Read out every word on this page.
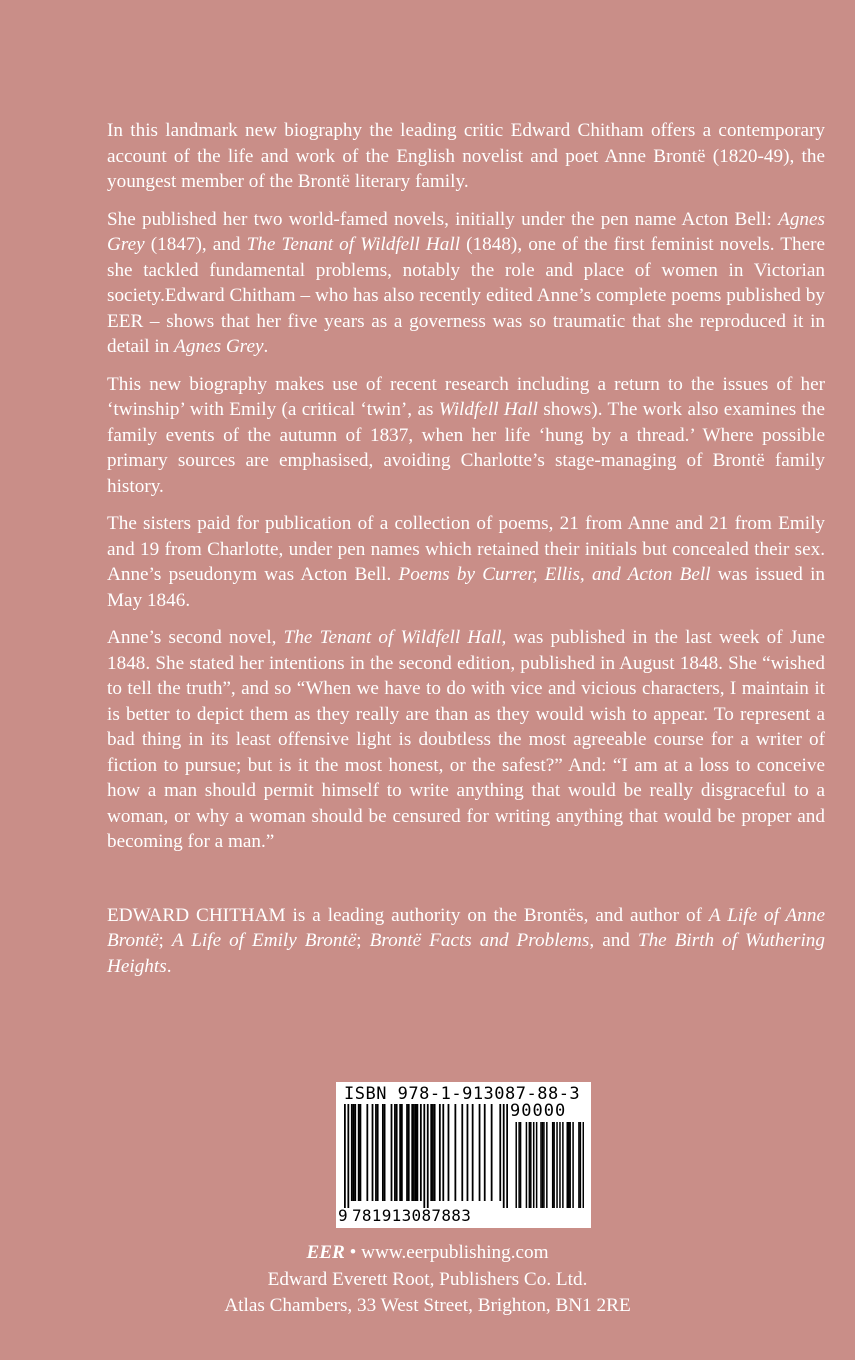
In this landmark new biography the leading critic Edward Chitham offers a contemporary account of the life and work of the English novelist and poet Anne Brontë (1820-49), the youngest member of the Brontë literary family.

She published her two world-famed novels, initially under the pen name Acton Bell: Agnes Grey (1847), and The Tenant of Wildfell Hall (1848), one of the first feminist novels. There she tackled fundamental problems, notably the role and place of women in Victorian society.Edward Chitham – who has also recently edited Anne’s complete poems published by EER – shows that her five years as a governess was so traumatic that she reproduced it in detail in Agnes Grey.

This new biography makes use of recent research including a return to the issues of her ‘twinship’ with Emily (a critical ‘twin’, as Wildfell Hall shows). The work also examines the family events of the autumn of 1837, when her life ‘hung by a thread.’ Where possible primary sources are emphasised, avoiding Charlotte’s stage-managing of Brontë family history.

The sisters paid for publication of a collection of poems, 21 from Anne and 21 from Emily and 19 from Charlotte, under pen names which retained their initials but concealed their sex. Anne’s pseudonym was Acton Bell. Poems by Currer, Ellis, and Acton Bell was issued in May 1846.

Anne’s second novel, The Tenant of Wildfell Hall, was published in the last week of June 1848. She stated her intentions in the second edition, published in August 1848. She “wished to tell the truth”, and so “When we have to do with vice and vicious characters, I maintain it is better to depict them as they really are than as they would wish to appear. To represent a bad thing in its least offensive light is doubtless the most agreeable course for a writer of fiction to pursue; but is it the most honest, or the safest?” And: “I am at a loss to conceive how a man should permit himself to write anything that would be really disgraceful to a woman, or why a woman should be censured for writing anything that would be proper and becoming for a man.”

EDWARD CHITHAM is a leading authority on the Brontës, and author of A Life of Anne Brontë; A Life of Emily Brontë; Brontë Facts and Problems, and The Birth of Wuthering Heights.

ISBN 978-1-913087-88-3
90000
9 781913087883
EER • www.eerpublishing.com
Edward Everett Root, Publishers Co. Ltd.
Atlas Chambers, 33 West Street, Brighton, BN1 2RE
